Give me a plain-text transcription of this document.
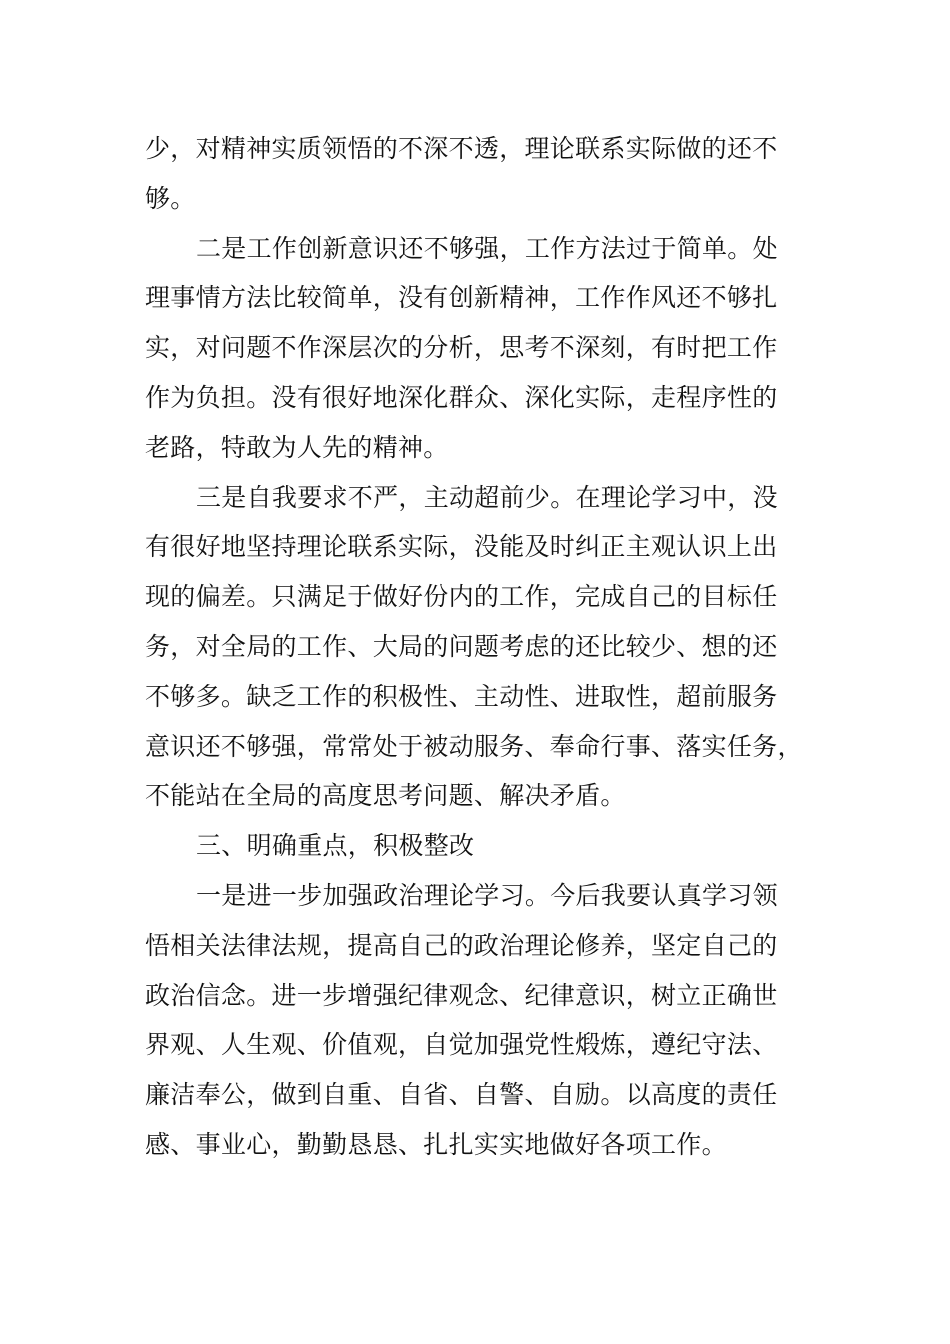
少，对精神实质领悟的不深不透，理论联系实际做的还不
够。
二是工作创新意识还不够强，工作方法过于简单。处
理事情方法比较简单，没有创新精神，工作作风还不够扎
实，对问题不作深层次的分析，思考不深刻，有时把工作
作为负担。没有很好地深化群众、深化实际，走程序性的
老路，特敢为人先的精神。
三是自我要求不严，主动超前少。在理论学习中，没
有很好地坚持理论联系实际，没能及时纠正主观认识上出
现的偏差。只满足于做好份内的工作，完成自己的目标任
务，对全局的工作、大局的问题考虑的还比较少、想的还
不够多。缺乏工作的积极性、主动性、进取性，超前服务
意识还不够强，常常处于被动服务、奉命行事、落实任务，
不能站在全局的高度思考问题、解决矛盾。
三、明确重点，积极整改
一是进一步加强政治理论学习。今后我要认真学习领
悟相关法律法规，提高自己的政治理论修养，坚定自己的
政治信念。进一步增强纪律观念、纪律意识，树立正确世
界观、人生观、价值观，自觉加强党性煅炼，遵纪守法、
廉洁奉公，做到自重、自省、自警、自励。以高度的责任
感、事业心，勤勤恳恳、扎扎实实地做好各项工作。
